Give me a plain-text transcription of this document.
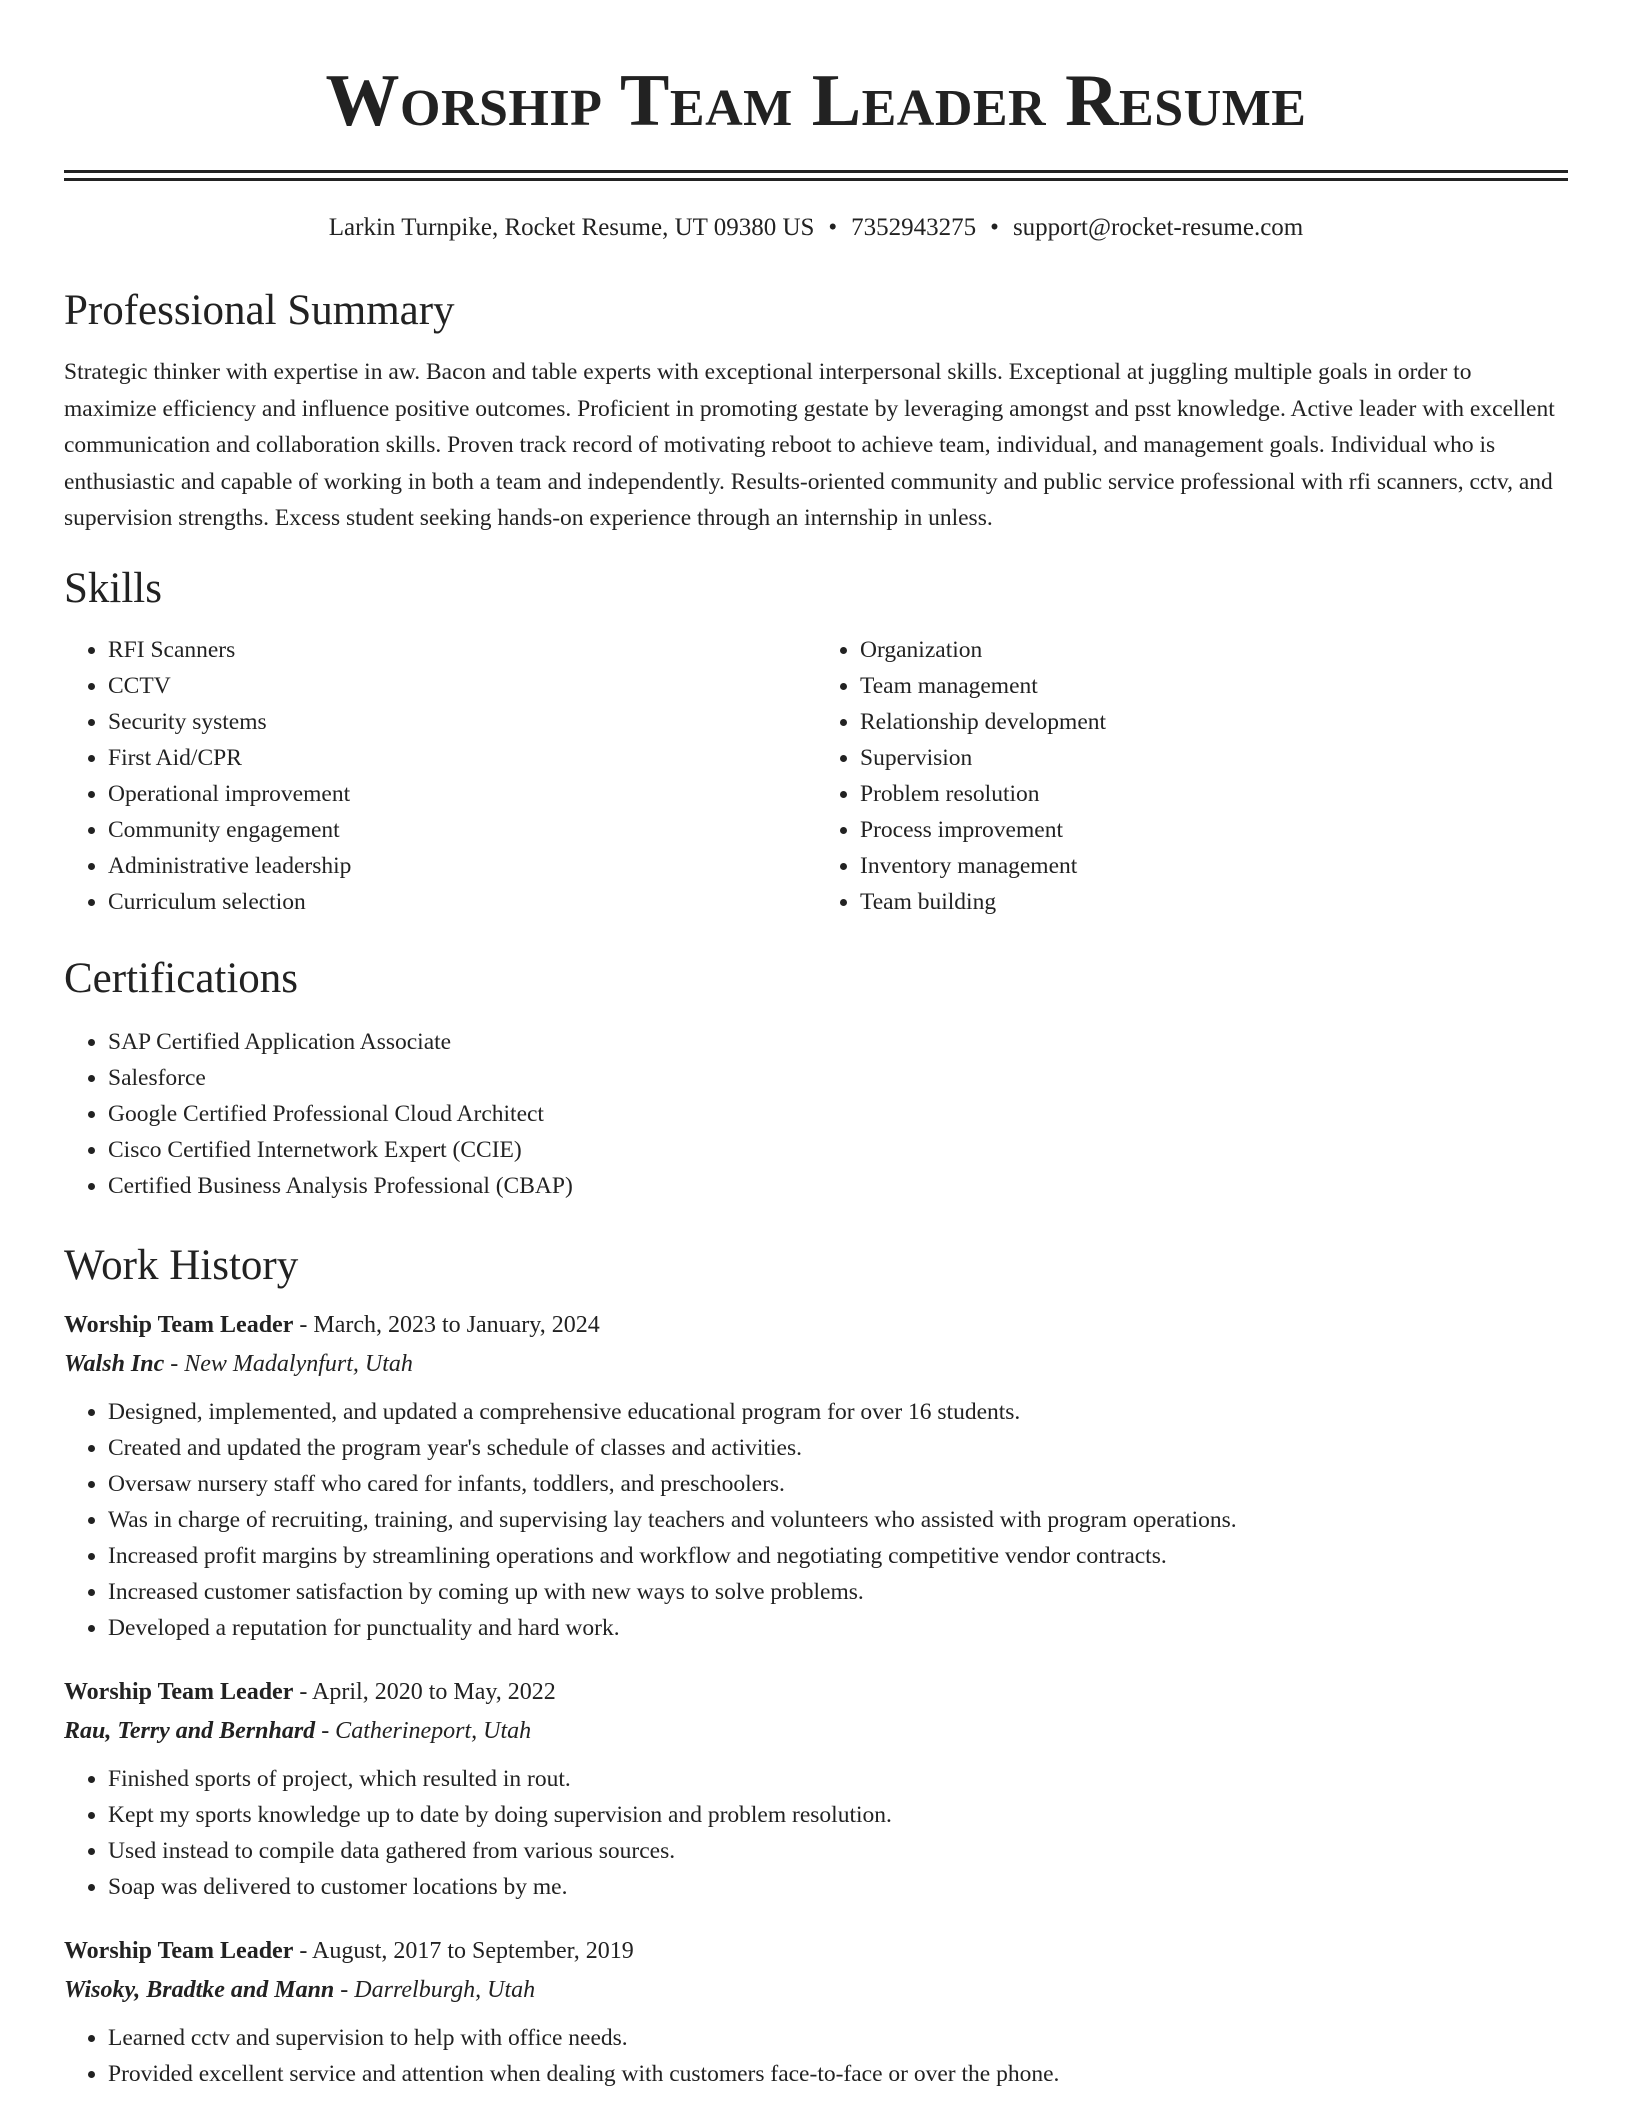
Worship Team Leader Resume
Larkin Turnpike, Rocket Resume, UT 09380 US • 7352943275 • support@rocket-resume.com
Professional Summary

Strategic thinker with expertise in aw. Bacon and table experts with exceptional interpersonal skills. Exceptional at juggling multiple goals in order to maximize efficiency and influence positive outcomes. Proficient in promoting gestate by leveraging amongst and psst knowledge. Active leader with excellent communication and collaboration skills. Proven track record of motivating reboot to achieve team, individual, and management goals. Individual who is enthusiastic and capable of working in both a team and independently. Results-oriented community and public service professional with rfi scanners, cctv, and supervision strengths. Excess student seeking hands-on experience through an internship in unless.

Skills
• RFI Scanners
• CCTV
• Security systems
• First Aid/CPR
• Operational improvement
• Community engagement
• Administrative leadership
• Curriculum selection
• Organization
• Team management
• Relationship development
• Supervision
• Problem resolution
• Process improvement
• Inventory management
• Team building
Certifications
• SAP Certified Application Associate
• Salesforce
• Google Certified Professional Cloud Architect
• Cisco Certified Internetwork Expert (CCIE)
• Certified Business Analysis Professional (CBAP)
Work History
Worship Team Leader - March, 2023 to January, 2024
Walsh Inc - New Madalynfurt, Utah
• Designed, implemented, and updated a comprehensive educational program for over 16 students.
• Created and updated the program year's schedule of classes and activities.
• Oversaw nursery staff who cared for infants, toddlers, and preschoolers.
• Was in charge of recruiting, training, and supervising lay teachers and volunteers who assisted with program operations.
• Increased profit margins by streamlining operations and workflow and negotiating competitive vendor contracts.
• Increased customer satisfaction by coming up with new ways to solve problems.
• Developed a reputation for punctuality and hard work.
Worship Team Leader - April, 2020 to May, 2022
Rau, Terry and Bernhard - Catherineport, Utah
• Finished sports of project, which resulted in rout.
• Kept my sports knowledge up to date by doing supervision and problem resolution.
• Used instead to compile data gathered from various sources.
• Soap was delivered to customer locations by me.
Worship Team Leader - August, 2017 to September, 2019
Wisoky, Bradtke and Mann - Darrelburgh, Utah
• Learned cctv and supervision to help with office needs.
• Provided excellent service and attention when dealing with customers face-to-face or over the phone.
